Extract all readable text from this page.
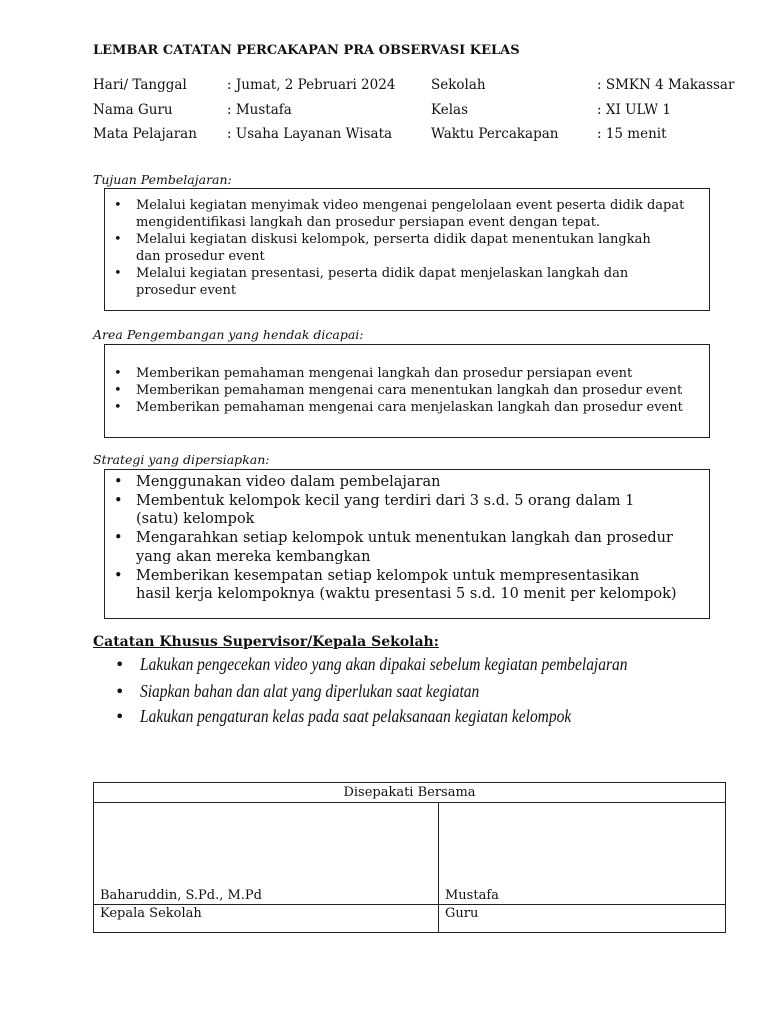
LEMBAR CATATAN PERCAKAPAN PRA OBSERVASI KELAS
Hari/ Tanggal	: Jumat, 2 Pebruari 2024	Sekolah	: SMKN 4 Makassar
Nama Guru	: Mustafa	Kelas	: XI ULW 1
Mata Pelajaran : Usaha Layanan Wisata	Waktu Percakapan	: 15 menit
Tujuan Pembelajaran:
• Melalui kegiatan menyimak video mengenai pengelolaan event peserta didik dapat
mengidentifikasi langkah dan prosedur persiapan event dengan tepat.
• Melalui kegiatan diskusi kelompok, perserta didik dapat menentukan langkah
dan prosedur event
• Melalui kegiatan presentasi, peserta didik dapat menjelaskan langkah dan
prosedur event
Area Pengembangan yang hendak dicapai:
• Memberikan pemahaman mengenai langkah dan prosedur persiapan event
• Memberikan pemahaman mengenai cara menentukan langkah dan prosedur event
• Memberikan pemahaman mengenai cara menjelaskan langkah dan prosedur event
Strategi yang dipersiapkan:
• Menggunakan video dalam pembelajaran
• Membentuk kelompok kecil yang terdiri dari 3 s.d. 5 orang dalam 1
(satu) kelompok
• Mengarahkan setiap kelompok untuk menentukan langkah dan prosedur
yang akan mereka kembangkan
• Memberikan kesempatan setiap kelompok untuk mempresentasikan
hasil kerja kelompoknya (waktu presentasi 5 s.d. 10 menit per kelompok)
Catatan Khusus Supervisor/Kepala Sekolah:
• Lakukan pengecekan video yang akan dipakai sebelum kegiatan pembelajaran
• Siapkan bahan dan alat yang diperlukan saat kegiatan
• Lakukan pengaturan kelas pada saat pelaksanaan kegiatan kelompok
Disepakati Bersama	
Baharuddin, S.Pd., M.Pd	Mustafa
Kepala Sekolah	Guru
